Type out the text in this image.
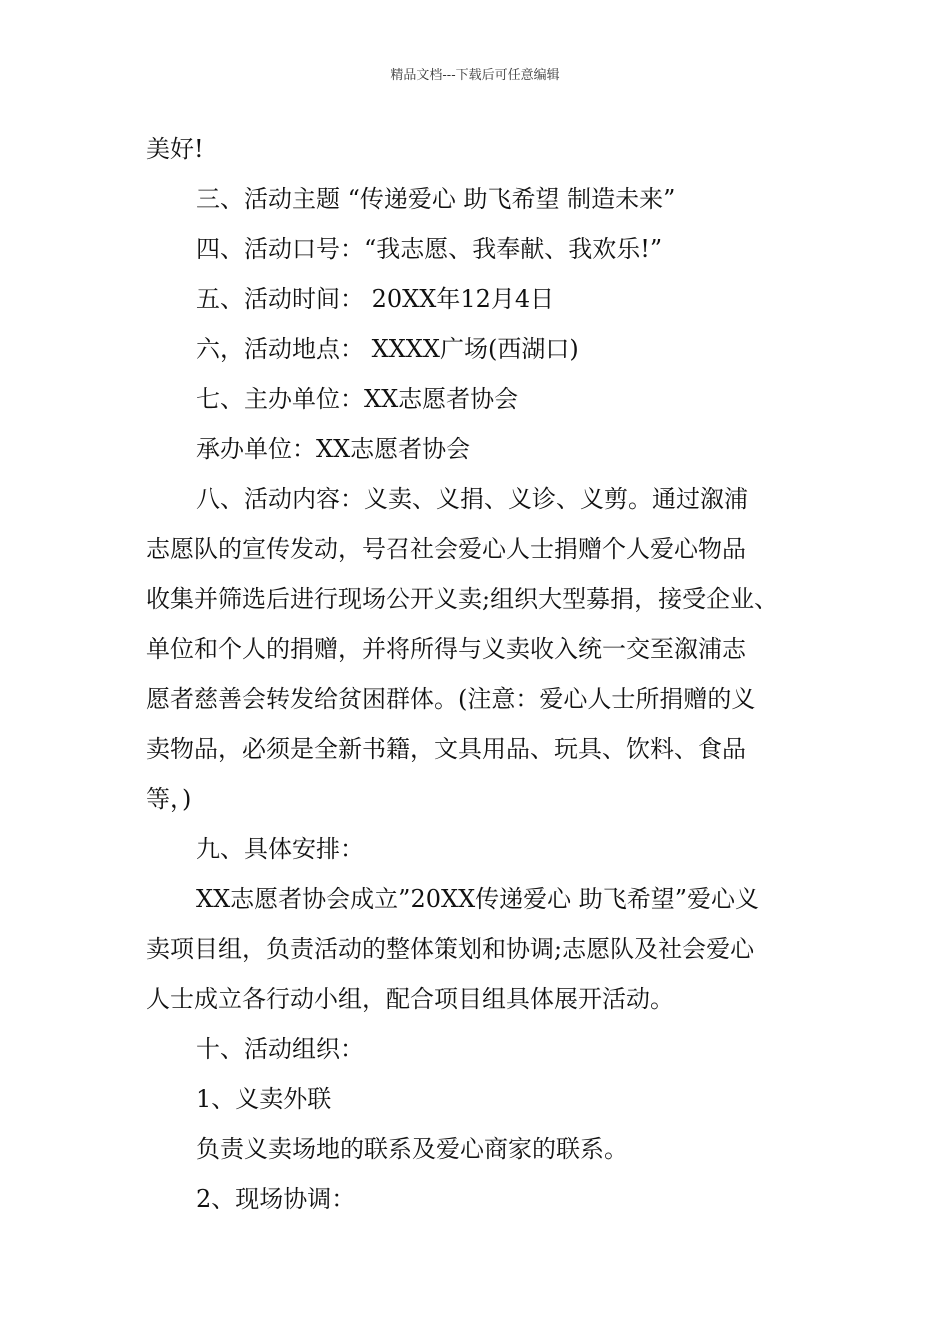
精品文档---下载后可任意编辑

美好!

三、活动主题 “传递爱心 助飞希望 制造未来”

四、活动口号：“我志愿、我奉献、我欢乐!”

五、活动时间： 20XX年12月4日

六，活动地点： XXXX广场(西湖口)

七、主办单位：XX志愿者协会

承办单位：XX志愿者协会

八、活动内容：义卖、义捐、义诊、义剪。通过溆浦

志愿队的宣传发动，号召社会爱心人士捐赠个人爱心物品

收集并筛选后进行现场公开义卖;组织大型募捐，接受企业、

单位和个人的捐赠，并将所得与义卖收入统一交至溆浦志

愿者慈善会转发给贫困群体。(注意：爱心人士所捐赠的义

卖物品，必须是全新书籍，文具用品、玩具、饮料、食品

等，)

九、具体安排：

XX志愿者协会成立”20XX传递爱心 助飞希望”爱心义

卖项目组，负责活动的整体策划和协调;志愿队及社会爱心

人士成立各行动小组，配合项目组具体展开活动。

十、活动组织：

1、义卖外联

负责义卖场地的联系及爱心商家的联系。

2、现场协调：
